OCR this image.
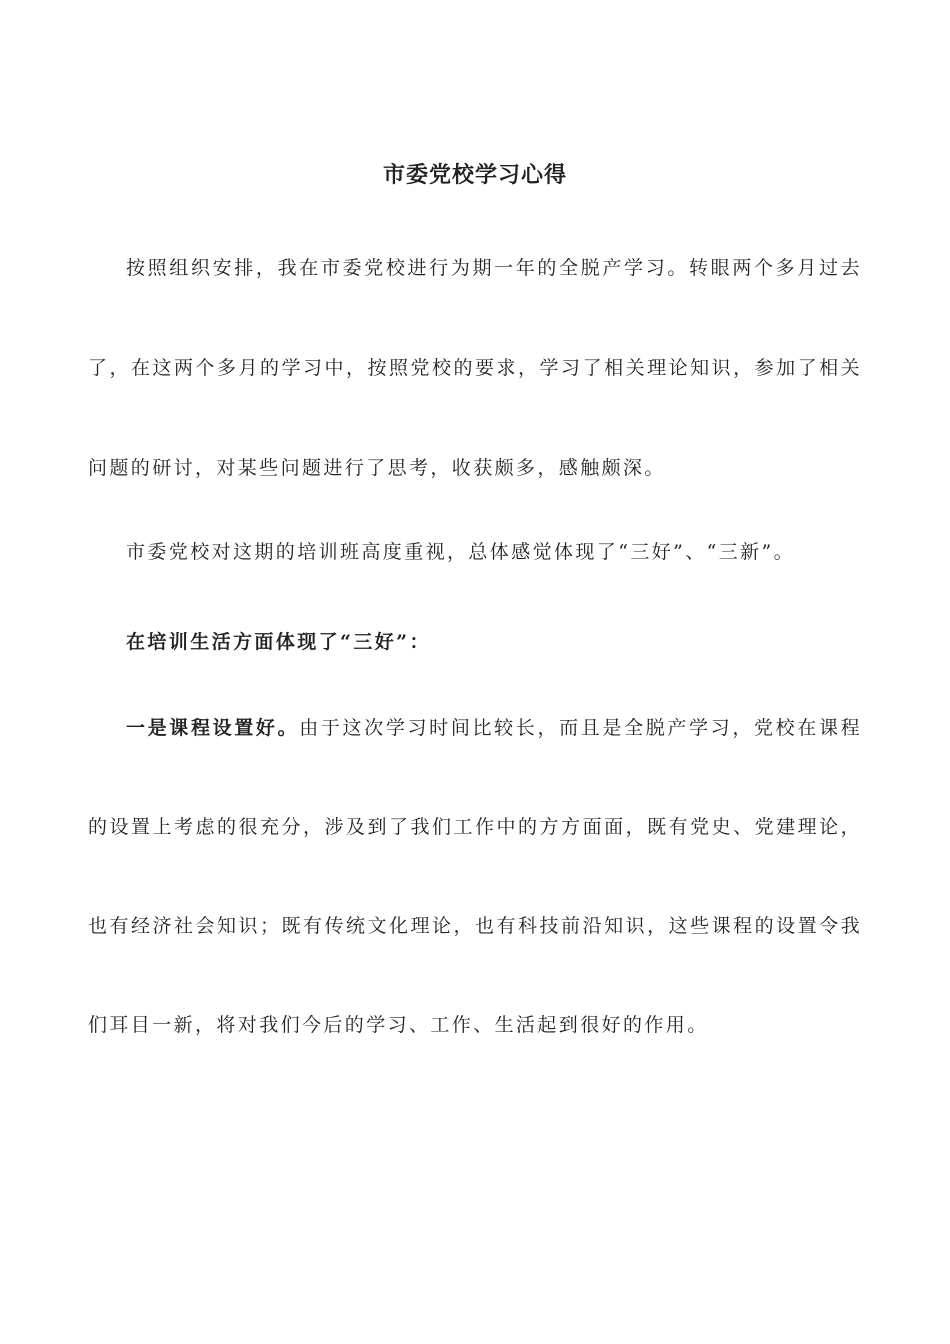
市委党校学习心得

按照组织安排，我在市委党校进行为期一年的全脱产学习。转眼两个多月过去了，在这两个多月的学习中，按照党校的要求，学习了相关理论知识，参加了相关问题的研讨，对某些问题进行了思考，收获颇多，感触颇深。

市委党校对这期的培训班高度重视，总体感觉体现了“三好”、“三新”。

在培训生活方面体现了“三好”：

一是课程设置好。由于这次学习时间比较长，而且是全脱产学习，党校在课程的设置上考虑的很充分，涉及到了我们工作中的方方面面，既有党史、党建理论，也有经济社会知识；既有传统文化理论，也有科技前沿知识，这些课程的设置令我们耳目一新，将对我们今后的学习、工作、生活起到很好的作用。
